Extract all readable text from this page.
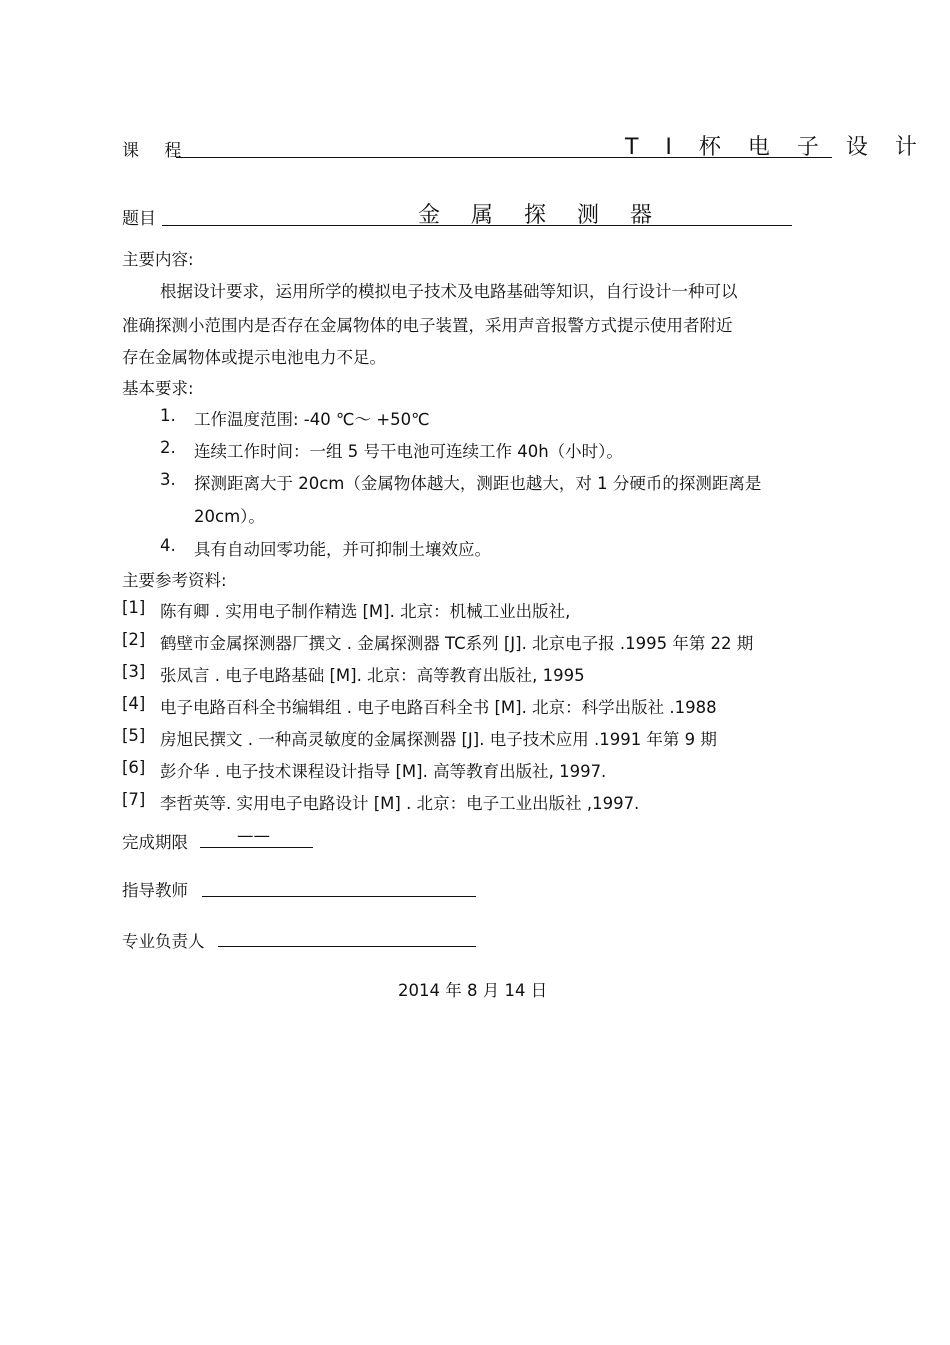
课 程	T I 杯 电 子 设 计
题目	金 属 探 测 器
主要内容:
根据设计要求，运用所学的模拟电子技术及电路基础等知识，自行设计一种可以
准确探测小范围内是否存在金属物体的电子装置，采用声音报警方式提示使用者附近
存在金属物体或提示电池电力不足。
基本要求:
1. 工作温度范围: -40 ℃～ +50℃
2. 连续工作时间：一组 5 号干电池可连续工作 40h（小时）。
3. 探测距离大于 20cm（金属物体越大，测距也越大，对 1 分硬币的探测距离是
20cm）。
4. 具有自动回零功能，并可抑制土壤效应。
主要参考资料:
[1] 陈有卿 . 实用电子制作精选 [M]. 北京：机械工业出版社,
[2] 鹤壁市金属探测器厂撰文 . 金属探测器 TC系列 [J]. 北京电子报 .1995 年第 22 期
[3] 张凤言 . 电子电路基础 [M]. 北京：高等教育出版社, 1995
[4] 电子电路百科全书编辑组 . 电子电路百科全书 [M]. 北京：科学出版社 .1988
[5] 房旭民撰文 . 一种高灵敏度的金属探测器 [J]. 电子技术应用 .1991 年第 9 期
[6] 彭介华 . 电子技术课程设计指导 [M]. 高等教育出版社, 1997.
[7] 李哲英等. 实用电子电路设计 [M] . 北京：电子工业出版社 ,1997.
完成期限	——
指导教师
专业负责人
2014 年 8 月 14 日
